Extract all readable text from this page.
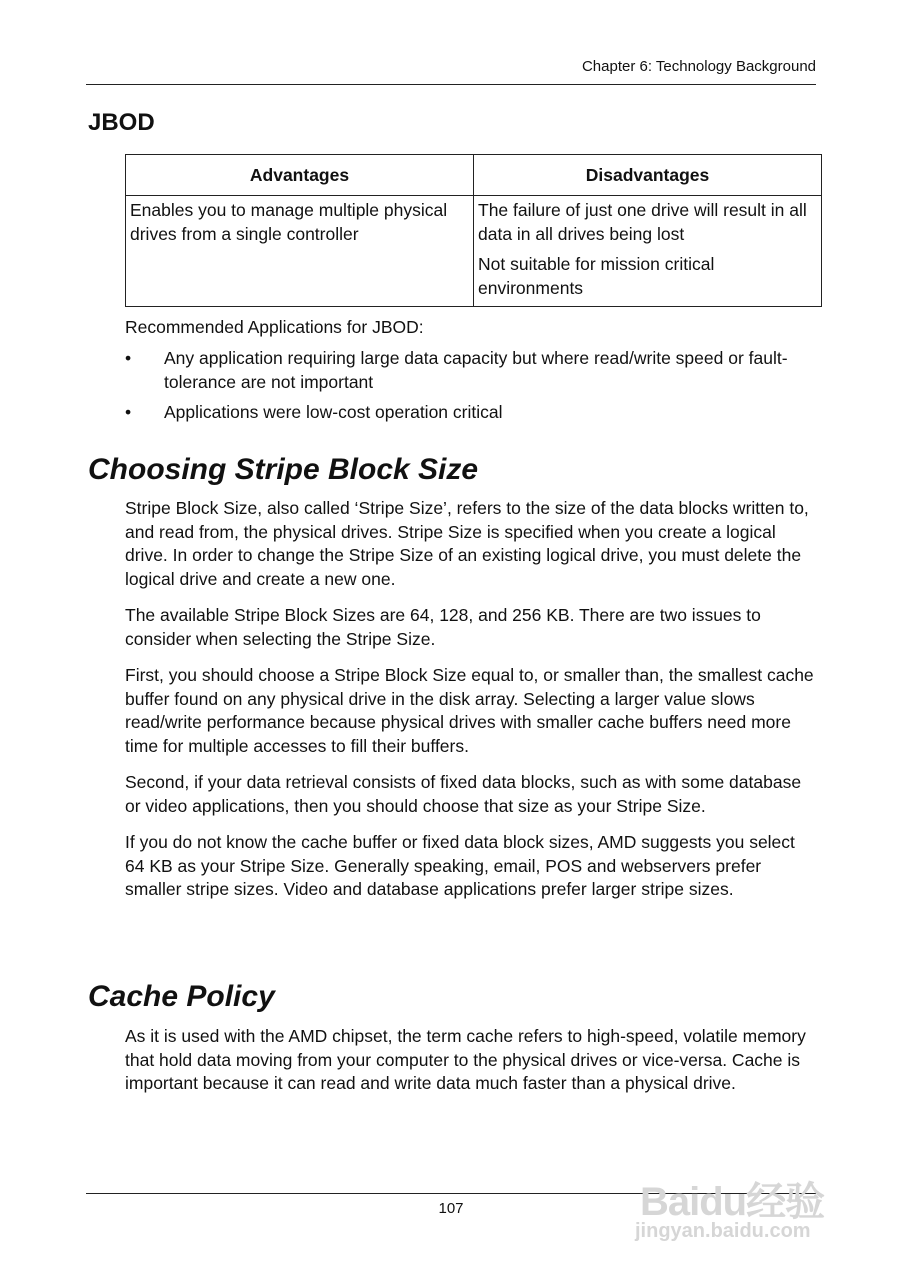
Chapter 6: Technology Background
JBOD
Advantages	Disadvantages

Enables you to manage multiple physical drives from a single controller	The failure of just one drive will result in all data in all drives being lost

Not suitable for mission critical environments

Recommended Applications for JBOD:

• Any application requiring large data capacity but where read/write speed or fault-tolerance are not important
• Applications were low-cost operation critical
Choosing Stripe Block Size

Stripe Block Size, also called ‘Stripe Size’, refers to the size of the data blocks written to, and read from, the physical drives. Stripe Size is specified when you create a logical drive. In order to change the Stripe Size of an existing logical drive, you must delete the logical drive and create a new one.

The available Stripe Block Sizes are 64, 128, and 256 KB. There are two issues to consider when selecting the Stripe Size.

First, you should choose a Stripe Block Size equal to, or smaller than, the smallest cache buffer found on any physical drive in the disk array. Selecting a larger value slows read/write performance because physical drives with smaller cache buffers need more time for multiple accesses to fill their buffers.

Second, if your data retrieval consists of fixed data blocks, such as with some database or video applications, then you should choose that size as your Stripe Size.

If you do not know the cache buffer or fixed data block sizes, AMD suggests you select 64 KB as your Stripe Size. Generally speaking, email, POS and webservers prefer smaller stripe sizes. Video and database applications prefer larger stripe sizes.

Cache Policy

As it is used with the AMD chipset, the term cache refers to high-speed, volatile memory that hold data moving from your computer to the physical drives or vice-versa. Cache is important because it can read and write data much faster than a physical drive.

107	Baidu经验
jingyan.baidu.com
